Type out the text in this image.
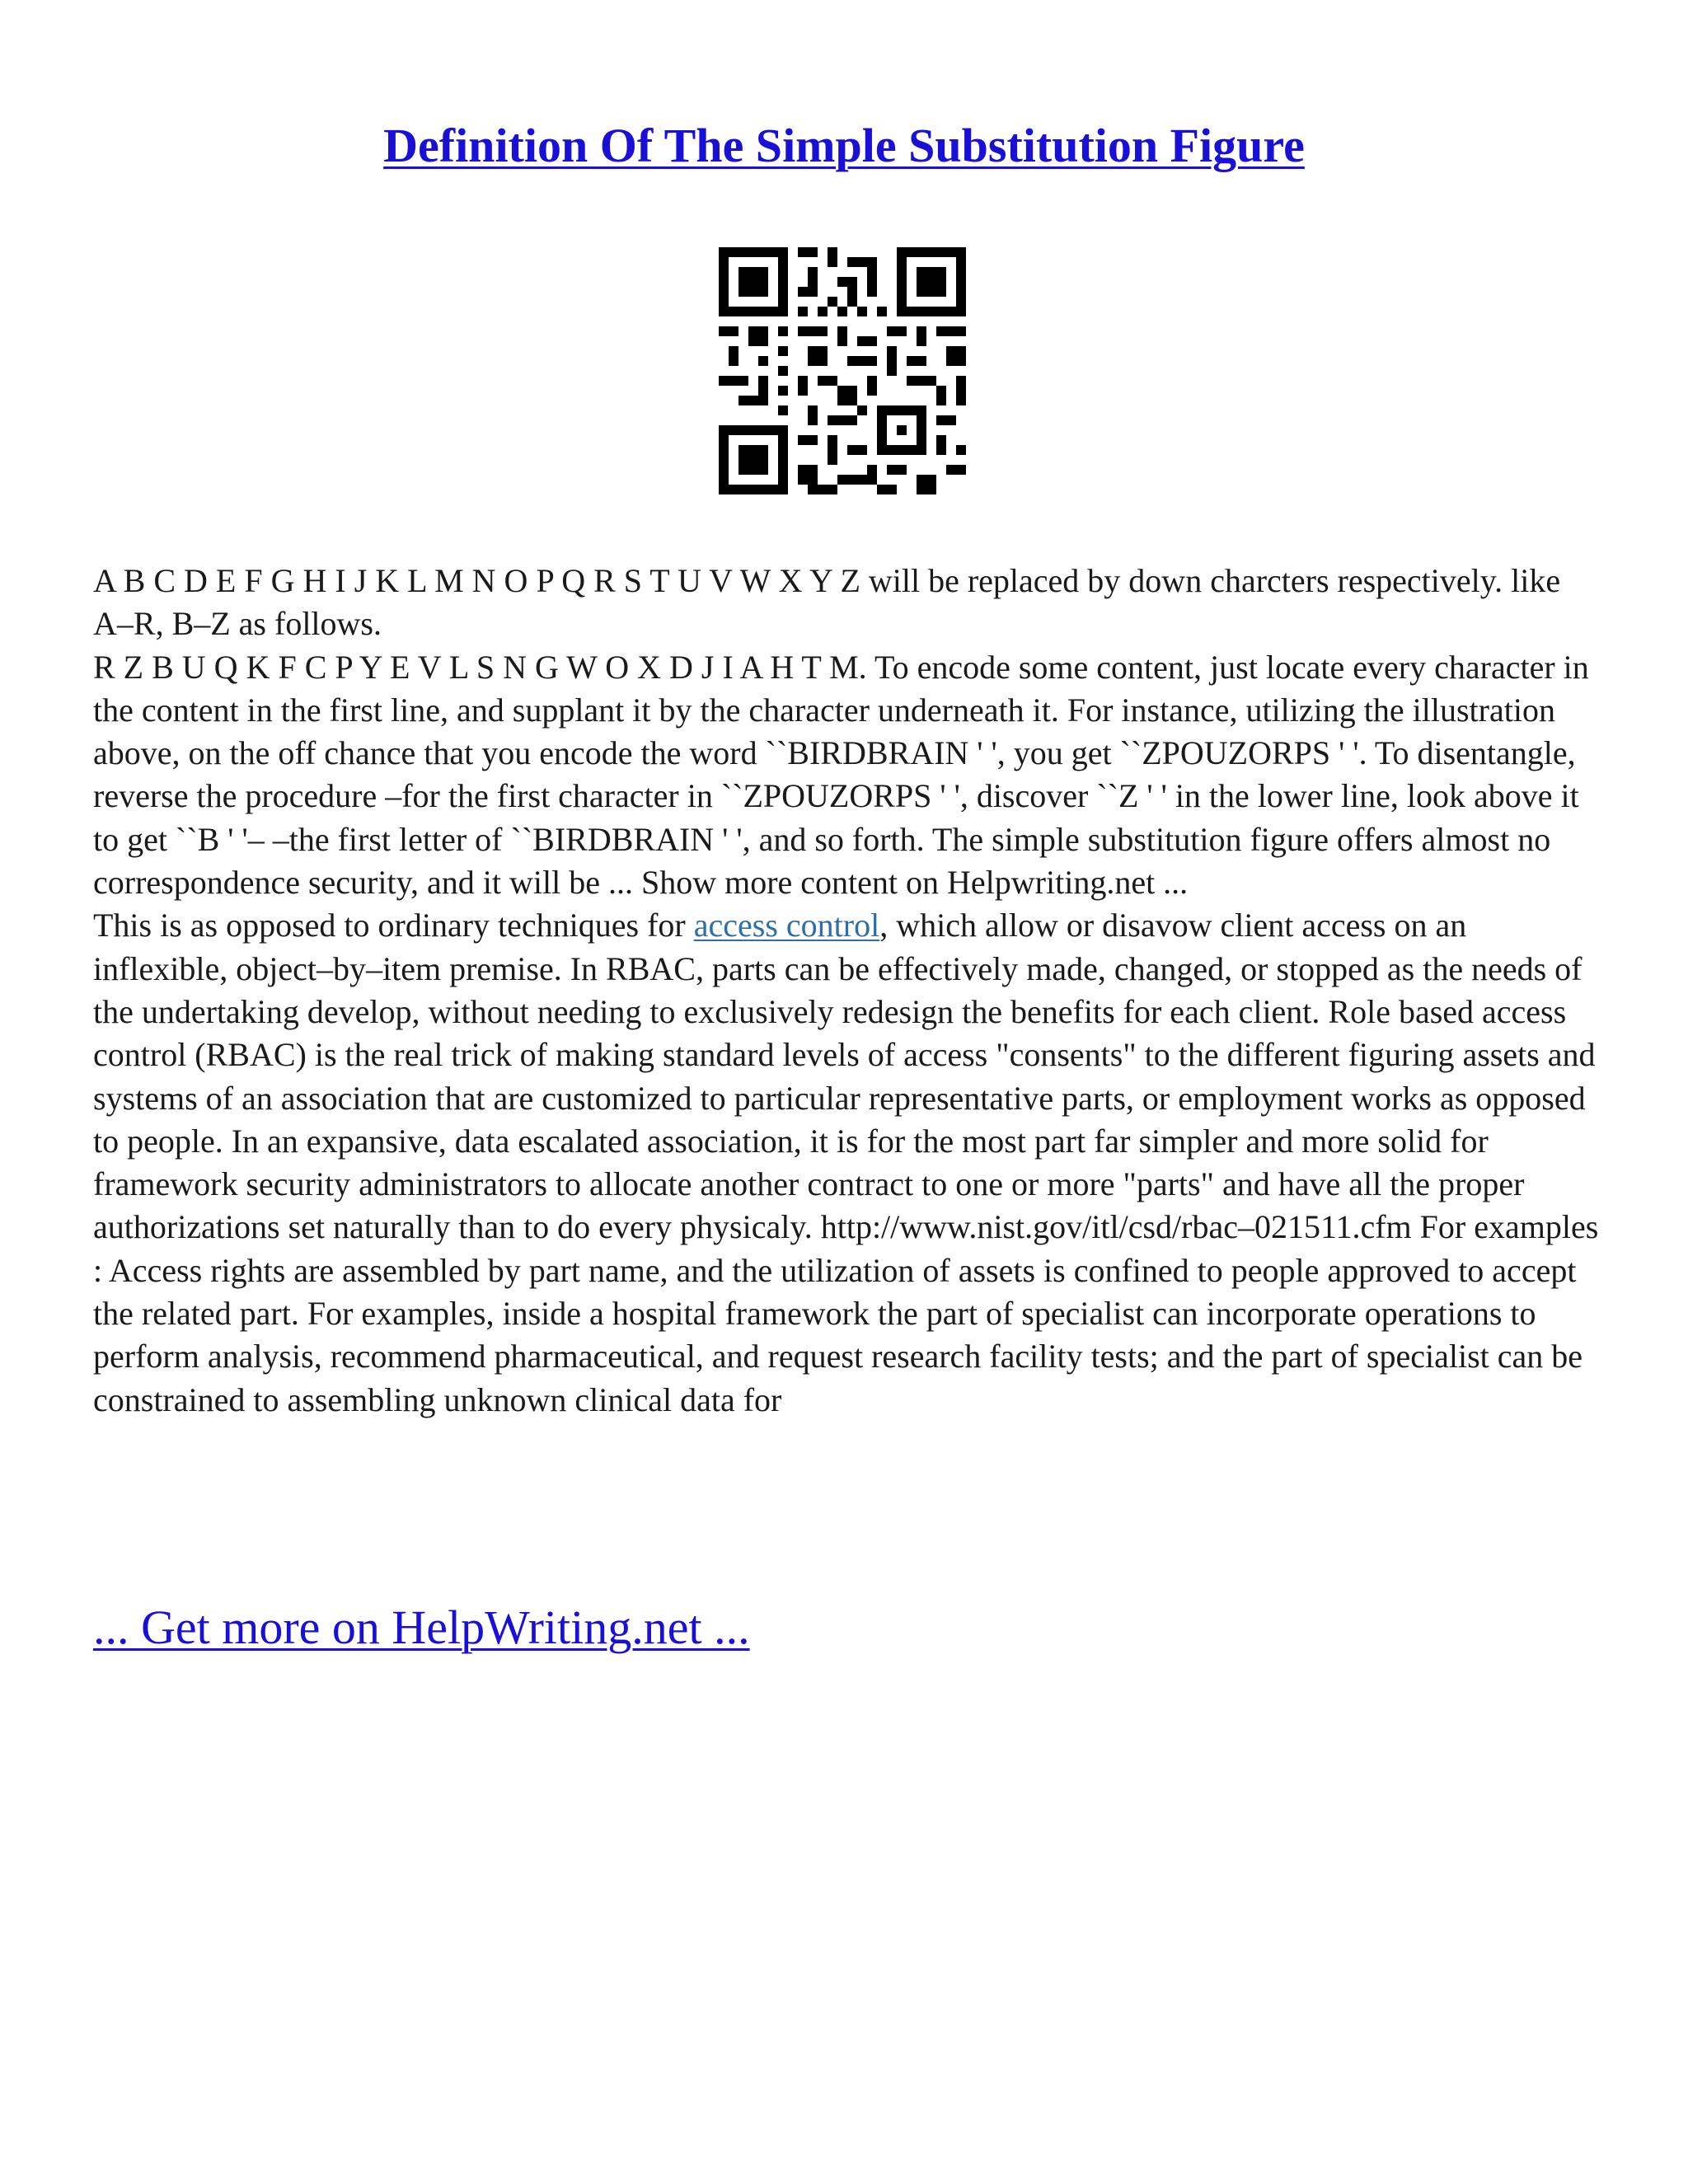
Definition Of The Simple Substitution Figure

A B C D E F G H I J K L M N O P Q R S T U V W X Y Z will be replaced by down charcters respectively. like A–R, B–Z as follows.

R Z B U Q K F C P Y E V L S N G W O X D J I A H T M. To encode some content, just locate every character in the content in the first line, and supplant it by the character underneath it. For instance, utilizing the illustration above, on the off chance that you encode the word ``BIRDBRAIN ' ', you get ``ZPOUZORPS ' '. To disentangle, reverse the procedure –for the first character in ``ZPOUZORPS ' ', discover ``Z ' ' in the lower line, look above it to get ``B ' '– –the first letter of ``BIRDBRAIN ' ', and so forth. The simple substitution figure offers almost no correspondence security, and it will be ... Show more content on Helpwriting.net ...

This is as opposed to ordinary techniques for access control, which allow or disavow client access on an inflexible, object–by–item premise. In RBAC, parts can be effectively made, changed, or stopped as the needs of the undertaking develop, without needing to exclusively redesign the benefits for each client. Role based access control (RBAC) is the real trick of making standard levels of access "consents" to the different figuring assets and systems of an association that are customized to particular representative parts, or employment works as opposed to people. In an expansive, data escalated association, it is for the most part far simpler and more solid for framework security administrators to allocate another contract to one or more "parts" and have all the proper authorizations set naturally than to do every physicaly. http://www.nist.gov/itl/csd/rbac–021511.cfm For examples : Access rights are assembled by part name, and the utilization of assets is confined to people approved to accept the related part. For examples, inside a hospital framework the part of specialist can incorporate operations to perform analysis, recommend pharmaceutical, and request research facility tests; and the part of specialist can be constrained to assembling unknown clinical data for

... Get more on HelpWriting.net ...
